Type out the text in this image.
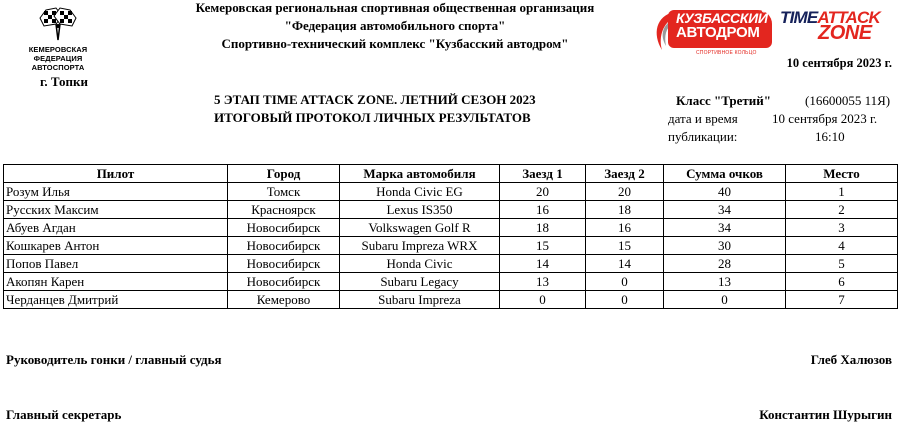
КЕМЕРОВСКАЯ
ФЕДЕРАЦИЯ АВТОСПОРТА
Кемеровская региональная спортивная общественная организация
"Федерация автомобильного спорта"
Спортивно-технический комплекс "Кузбасский автодром"
КУЗБАССКИЙ
АВТОДРОМ
СПОРТИВНОЕ КОЛЬЦО
TIMEATTACK
ZONE
10 сентября 2023 г.
г. Топки
5 ЭТАП TIME ATTACK ZONE. ЛЕТНИЙ СЕЗОН 2023
ИТОГОВЫЙ ПРОТОКОЛ ЛИЧНЫХ РЕЗУЛЬТАТОВ
Класс "Третий"	(16600055 11Я)
дата и время	10 сентября 2023 г.
публикации:	16:10
Пилот	Город	Марка автомобиля	Заезд 1	Заезд 2	Сумма очков	Место
Розум Илья	Томск	Honda Civic EG	20	20	40	1
Русских Максим	Красноярск	Lexus IS350	16	18	34	2
Абуев Агдан	Новосибирск	Volkswagen Golf R	18	16	34	3
Кошкарев Антон	Новосибирск	Subaru Impreza WRX	15	15	30	4
Попов Павел	Новосибирск	Honda Civic	14	14	28	5
Акопян Карен	Новосибирск	Subaru Legacy	13	0	13	6
Черданцев Дмитрий	Кемерово	Subaru Impreza	0	0	0	7
Руководитель гонки / главный судья	Глеб Халюзов
Главный секретарь	Константин Шурыгин
